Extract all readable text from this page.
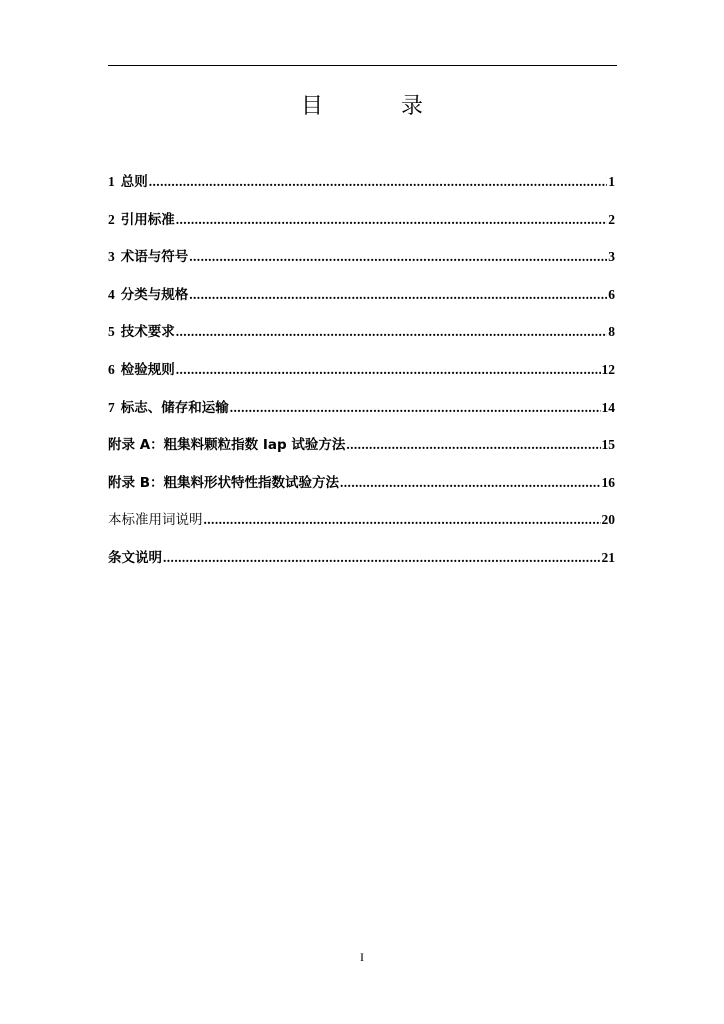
目　录
1 总则 .....	1
2 引用标准 .....	2
3 术语与符号 .....	3
4 分类与规格 .....	6
5 技术要求 .....	8
6 检验规则 .....	12
7 标志、储存和运输 .....	14
附录 A：粗集料颗粒指数 Iap 试验方法 .....	15
附录 B：粗集料形状特性指数试验方法 .....	16
本标准用词说明 .....	20
条文说明 .....	21
I
